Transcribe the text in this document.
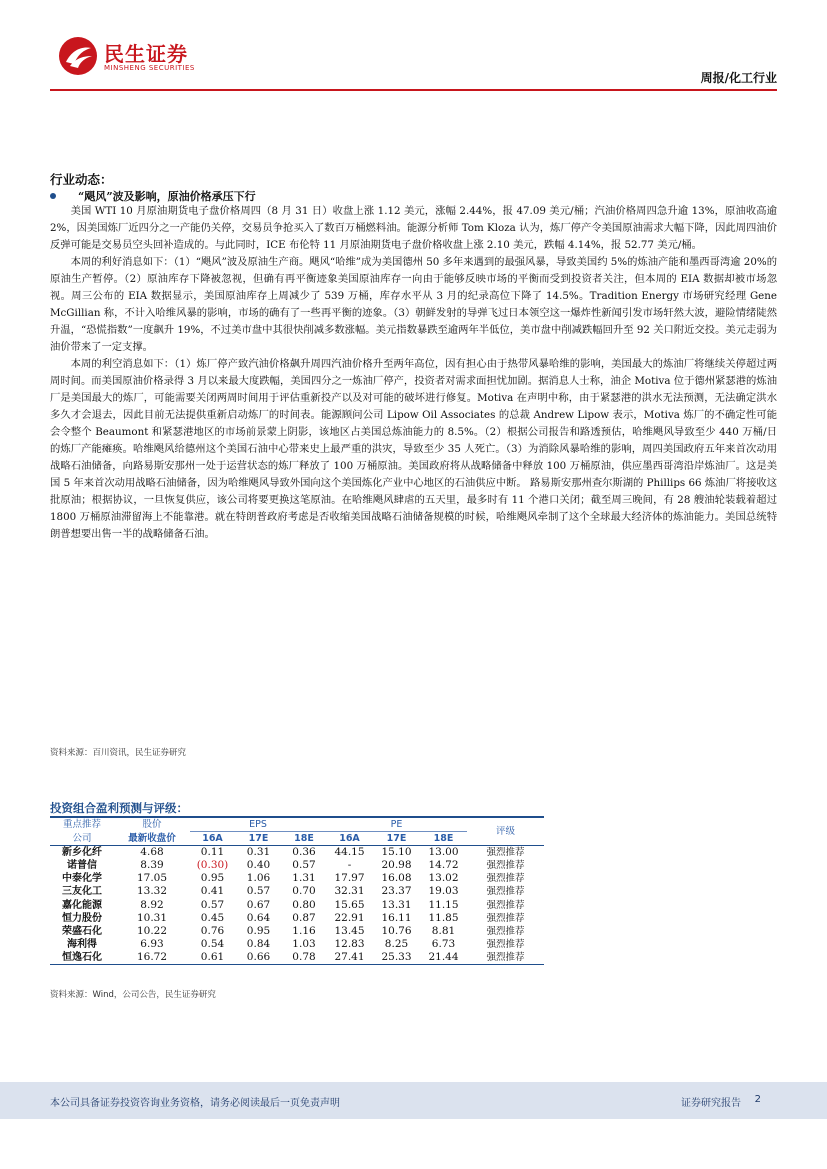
民生证券
MINSHENG SECURITIES
周报/化工行业
行业动态：
“飓风”波及影响，原油价格承压下行

美国 WTI 10 月原油期货电子盘价格周四（8 月 31 日）收盘上涨 1.12 美元，涨幅 2.44%，报 47.09 美元/桶；汽油价格周四急升逾 13%，原油收高逾 2%，因美国炼厂近四分之一产能仍关停，交易员争抢买入了数百万桶燃料油。能源分析师 Tom Kloza 认为，炼厂停产令美国原油需求大幅下降，因此周四油价反弹可能是交易员空头回补造成的。与此同时，ICE 布伦特 11 月原油期货电子盘价格收盘上涨 2.10 美元，跌幅 4.14%，报 52.77 美元/桶。

本周的利好消息如下：（1）“飓风”波及原油生产商。飓风“哈维”成为美国德州 50 多年来遇到的最强风暴，导致美国约 5%的炼油产能和墨西哥湾逾 20%的原油生产暂停。（2）原油库存下降被忽视，但确有再平衡迹象美国原油库存一向由于能够反映市场的平衡而受到投资者关注，但本周的 EIA 数据却被市场忽视。周三公布的 EIA 数据显示，美国原油库存上周减少了 539 万桶，库存水平从 3 月的纪录高位下降了 14.5%。Tradition Energy 市场研究经理 Gene McGillian 称，不计入哈维风暴的影响，市场的确有了一些再平衡的迹象。（3）朝鲜发射的导弹飞过日本领空这一爆炸性新闻引发市场轩然大波，避险情绪陡然升温，“恐慌指数”一度飙升 19%，不过美市盘中其很快削减多数涨幅。美元指数暴跌至逾两年半低位，美市盘中削减跌幅回升至 92 关口附近交投。美元走弱为油价带来了一定支撑。

本周的利空消息如下：（1）炼厂停产致汽油价格飙升周四汽油价格升至两年高位，因有担心由于热带风暴哈维的影响，美国最大的炼油厂将继续关停超过两周时间。而美国原油价格录得 3 月以来最大度跌幅，美国四分之一炼油厂停产，投资者对需求面担忧加剧。据消息人士称，油企 Motiva 位于德州紧瑟港的炼油厂是美国最大的炼厂，可能需要关闭两周时间用于评估重新投产以及对可能的破坏进行修复。Motiva 在声明中称，由于紧瑟港的洪水无法预测，无法确定洪水多久才会退去，因此目前无法提供重新启动炼厂的时间表。能源顾问公司 Lipow Oil Associates 的总裁 Andrew Lipow 表示，Motiva 炼厂的不确定性可能会令整个 Beaumont 和紧瑟港地区的市场前景蒙上阴影，该地区占美国总炼油能力的 8.5%。（2）根据公司报告和路透预估，哈维飓风导致至少 440 万桶/日的炼厂产能瘫痪。哈维飓风给德州这个美国石油中心带来史上最严重的洪灾，导致至少 35 人死亡。（3）为消除风暴哈维的影响，周四美国政府五年来首次动用战略石油储备，向路易斯安那州一处于运营状态的炼厂释放了 100 万桶原油。美国政府将从战略储备中释放 100 万桶原油，供应墨西哥湾沿岸炼油厂。这是美国 5 年来首次动用战略石油储备，因为哈维飓风导致外国向这个美国炼化产业中心地区的石油供应中断。 路易斯安那州查尔斯湖的 Phillips 66 炼油厂将接收这批原油；根据协议，一旦恢复供应，该公司将要更换这笔原油。在哈维飓风肆虐的五天里，最多时有 11 个港口关闭；截至周三晚间，有 28 艘油轮装载着超过 1800 万桶原油滞留海上不能靠港。就在特朗普政府考虑是否收缩美国战略石油储备规模的时候，哈维飓风牵制了这个全球最大经济体的炼油能力。美国总统特朗普想要出售一半的战略储备石油。

资料来源：百川资讯，民生证券研究
投资组合盈利预测与评级：
重点推荐	股价	EPS			PE			评级
公司	最新收盘价	16A	17E	18E	16A	17E	18E	
新乡化纤	4.68	0.11	0.31	0.36	44.15	15.10	13.00	强烈推荐
诺普信	8.39	(0.30)	0.40	0.57	-	20.98	14.72	强烈推荐
中泰化学	17.05	0.95	1.06	1.31	17.97	16.08	13.02	强烈推荐
三友化工	13.32	0.41	0.57	0.70	32.31	23.37	19.03	强烈推荐
嘉化能源	8.92	0.57	0.67	0.80	15.65	13.31	11.15	强烈推荐
恒力股份	10.31	0.45	0.64	0.87	22.91	16.11	11.85	强烈推荐
荣盛石化	10.22	0.76	0.95	1.16	13.45	10.76	8.81	强烈推荐
海利得	6.93	0.54	0.84	1.03	12.83	8.25	6.73	强烈推荐
恒逸石化	16.72	0.61	0.66	0.78	27.41	25.33	21.44	强烈推荐
资料来源：Wind，公司公告，民生证券研究
本公司具备证券投资咨询业务资格，请务必阅读最后一页免责声明	证券研究报告 2
